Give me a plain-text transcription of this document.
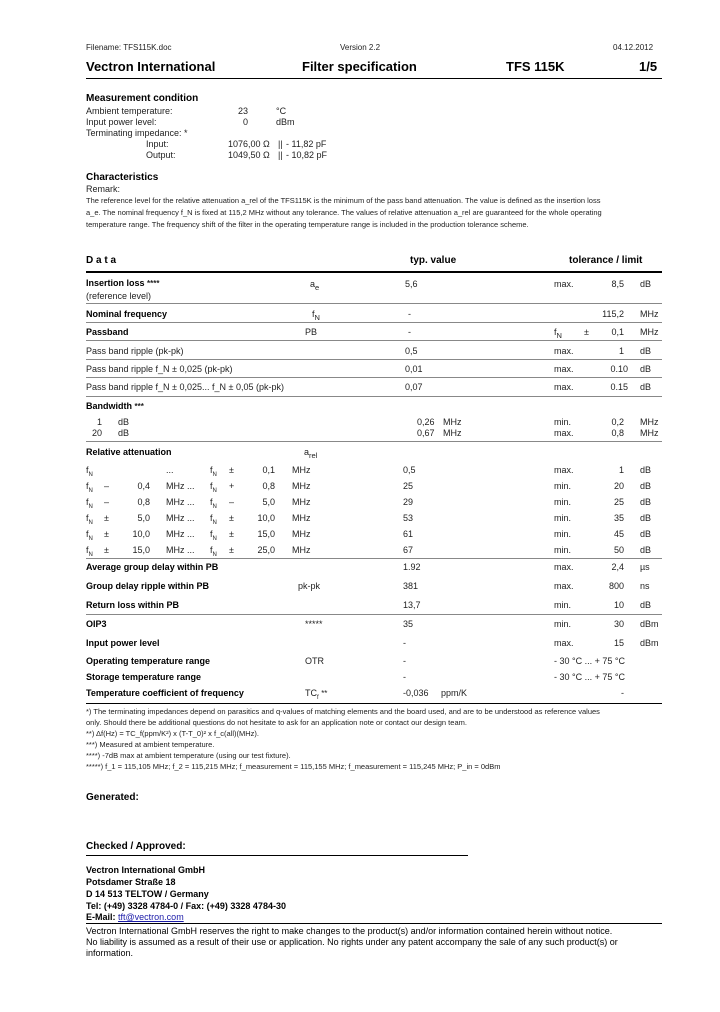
Filename: TFS115K.doc	Version 2.2	04.12.2012
Vectron International	Filter specification	TFS 115K	1/5
Measurement condition
Ambient temperature:	23	°C
Input power level:	0	dBm
Terminating impedance: *
Input:	1076,00 Ω || - 11,82 pF
Output:	1049,50 Ω || - 10,82 pF
Characteristics
Remark:
The reference level for the relative attenuation a_rel of the TFS115K is the minimum of the pass band attenuation. The value is defined as the insertion loss
a_e. The nominal frequency f_N is fixed at 115,2 MHz without any tolerance. The values of relative attenuation a_rel are guaranteed for the whole operating
temperature range. The frequency shift of the filter in the operating temperature range is included in the production tolerance scheme.
D a t a	typ. value	tolerance / limit
Insertion loss ****
(reference level)
$a_e$	5,6	max.	8,5 dB
Nominal frequency	$f_N$	-	115,2 MHz
Passband	PB	-	$f_N$ ±	0,1 MHz
Pass band ripple (pk-pk)	0,5	max.	1 dB
Pass band ripple f_N ± 0,025 (pk-pk)	0,01	max.	0.10 dB
Pass band ripple f_N ± 0,025... f_N ± 0,05 (pk-pk)	0,07	max.	0.15 dB
Bandwidth ***
1 dB	0,26 MHz	min.	0,2 MHz
20 dB	0,67 MHz	max.	0,8 MHz
Relative attenuation	$a_{rel}$
$f_N$	...	$f_N$ ±	0,1 MHz	0,5	max.	1 dB
$f_N$ –	0,4 MHz ... $f_N$ +	0,8 MHz	25	min.	20 dB
$f_N$ –	0,8 MHz ... $f_N$ –	5,0 MHz	29	min.	25 dB
$f_N$ ±	5,0 MHz ... $f_N$ ±	10,0 MHz	53	min.	35 dB
$f_N$ ±	10,0 MHz ... $f_N$ ±	15,0 MHz	61	min.	45 dB
$f_N$ ±	15,0 MHz ... $f_N$ ±	25,0 MHz	67	min.	50 dB
Average group delay within PB	1.92	max.	2,4 µs
Group delay ripple within PB	pk-pk	381	max.	800 ns
Return loss within PB	13,7	min.	10 dB
OIP3	*****	35	min.	30 dBm
Input power level	-	max.	15 dBm
Operating temperature range	OTR	-	- 30 °C ... + 75 °C
Storage temperature range	-	- 30 °C ... + 75 °C
Temperature coefficient of frequency	$TC_f$ **	-0,036 ppm/K	-
*) The terminating impedances depend on parasitics and q-values of matching elements and the board used, and are to be understood as reference values
only. Should there be additional questions do not hesitate to ask for an application note or contact our design team.
**) Δf(Hz) = TC_f(ppm/K²) x (T-T_0)² x f_c(all)(MHz).
***) Measured at ambient temperature.
****) -7dB max at ambient temperature (using our test fixture).
*****) f_1 = 115,105 MHz; f_2 = 115,215 MHz; f_measurement = 115,155 MHz; f_measurement = 115,245 MHz; P_in = 0dBm
Generated:
Checked / Approved:
Vectron International GmbH
Potsdamer Straße 18
D 14 513 TELTOW / Germany
Tel: (+49) 3328 4784-0 / Fax: (+49) 3328 4784-30
E-Mail: tft@vectron.com
Vectron International GmbH reserves the right to make changes to the product(s) and/or information contained herein without notice.
No liability is assumed as a result of their use or application. No rights under any patent accompany the sale of any such product(s) or
information.
